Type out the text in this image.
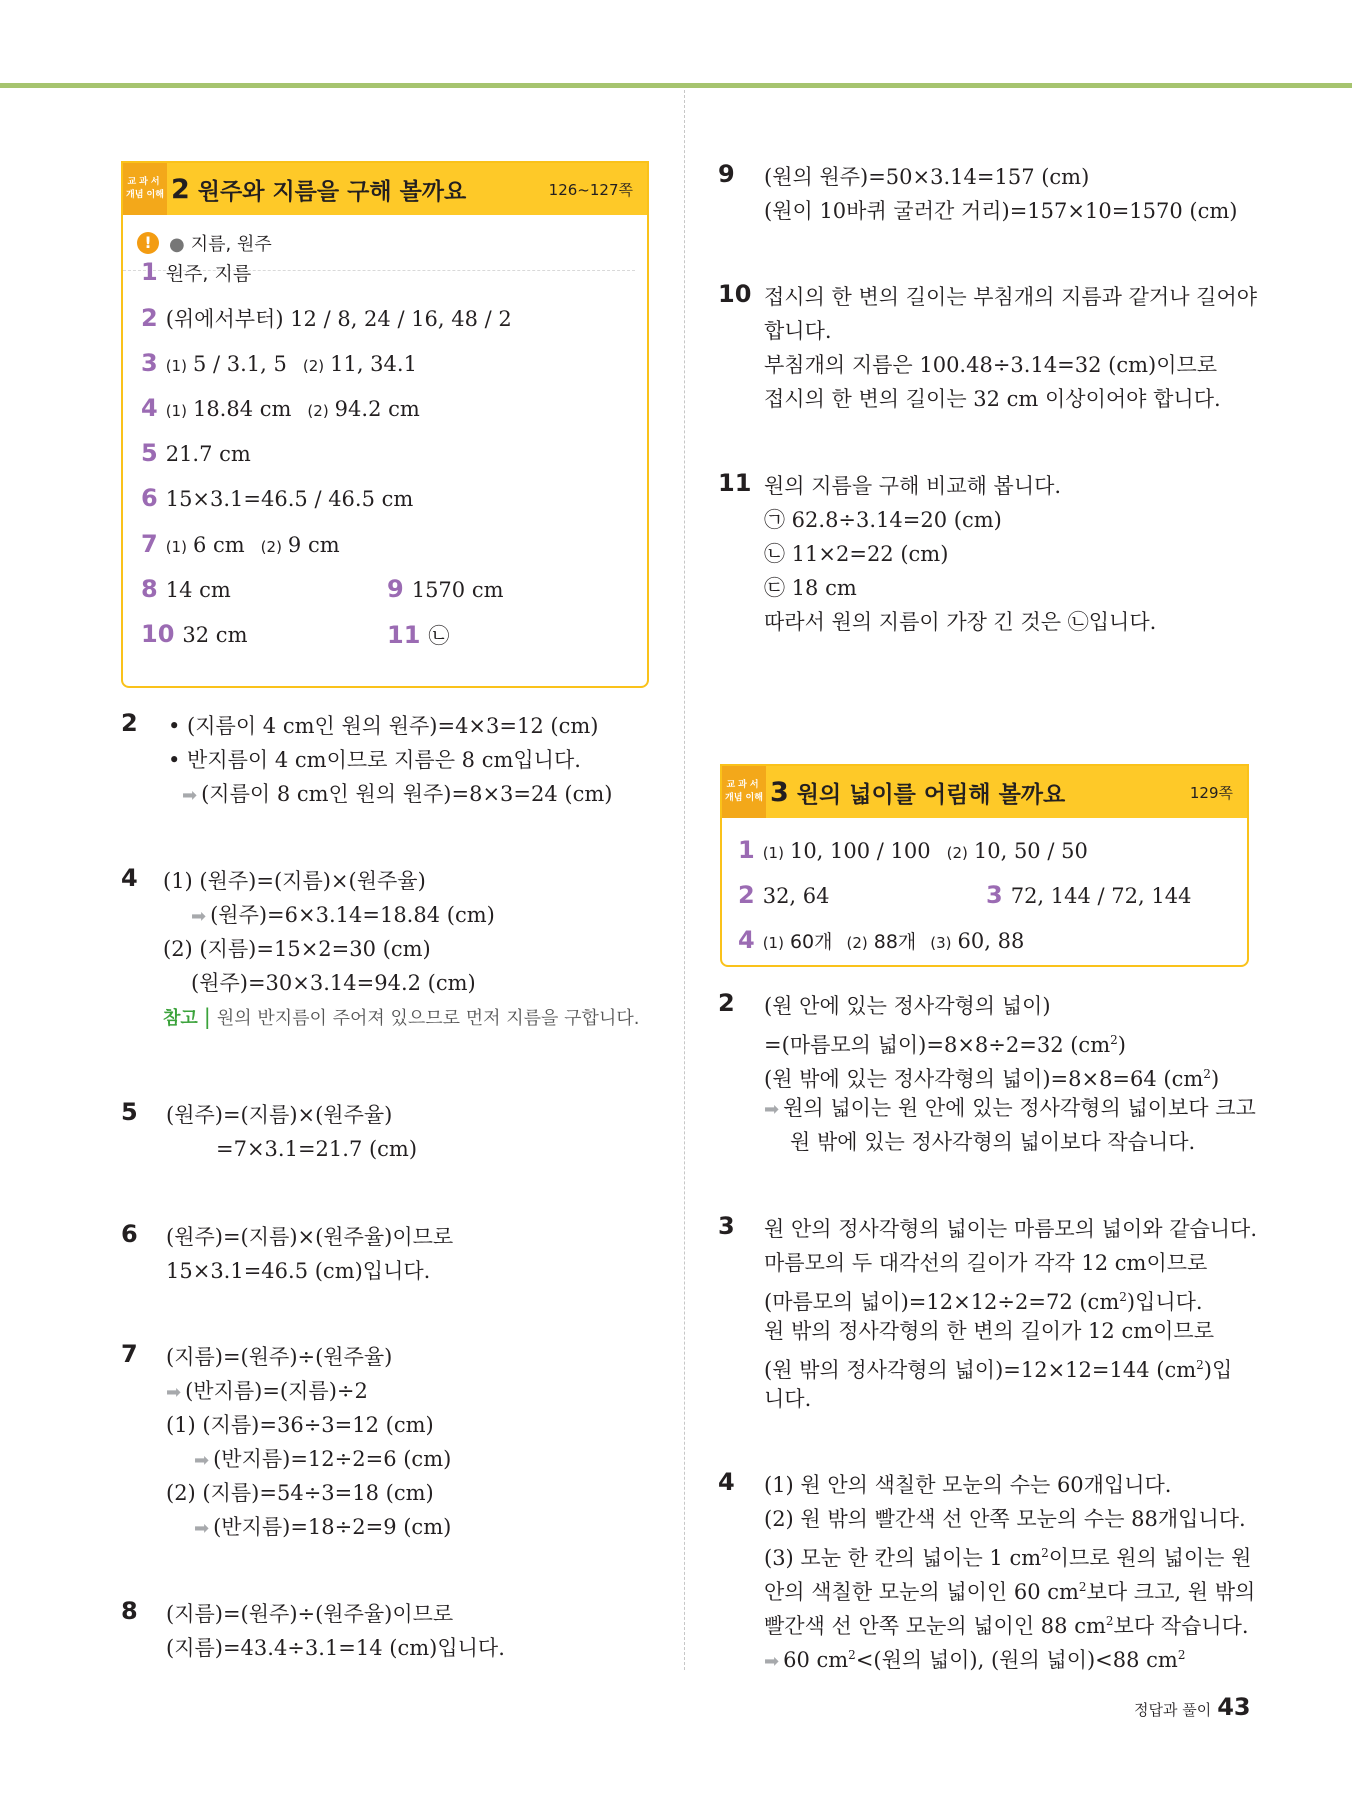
교과서
개념 이해 2 원주와 지름을 구해 볼까요	126~127쪽
! ● 지름, 원주
1 원주, 지름
2 (위에서부터) 12 / 8, 24 / 16, 48 / 2
3 (1) 5 / 3.1, 5 (2) 11, 34.1
4 (1) 18.84 cm (2) 94.2 cm
5 21.7 cm
6 15×3.1=46.5 / 46.5 cm
7 (1) 6 cm (2) 9 cm
8 14 cm	9 1570 cm
10 32 cm	11 ㉡
2 • (지름이 4 cm인 원의 원주)=4×3=12 (cm)
• 반지름이 4 cm이므로 지름은 8 cm입니다.
➡ (지름이 8 cm인 원의 원주)=8×3=24 (cm)
4 (1) (원주)=(지름)×(원주율)
➡ (원주)=6×3.14=18.84 (cm)
(2) (지름)=15×2=30 (cm)
(원주)=30×3.14=94.2 (cm)
참고 | 원의 반지름이 주어져 있으므로 먼저 지름을 구합니다.
5 (원주)=(지름)×(원주율)
=7×3.1=21.7 (cm)
6 (원주)=(지름)×(원주율)이므로
15×3.1=46.5 (cm)입니다.
7 (지름)=(원주)÷(원주율)
➡ (반지름)=(지름)÷2
(1) (지름)=36÷3=12 (cm)
➡ (반지름)=12÷2=6 (cm)
(2) (지름)=54÷3=18 (cm)
➡ (반지름)=18÷2=9 (cm)
8 (지름)=(원주)÷(원주율)이므로
(지름)=43.4÷3.1=14 (cm)입니다.
9 (원의 원주)=50×3.14=157 (cm)
(원이 10바퀴 굴러간 거리)=157×10=1570 (cm)
10 접시의 한 변의 길이는 부침개의 지름과 같거나 길어야
합니다.
부침개의 지름은 100.48÷3.14=32 (cm)이므로
접시의 한 변의 길이는 32 cm 이상이어야 합니다.
11 원의 지름을 구해 비교해 봅니다.
㉠ 62.8÷3.14=20 (cm)
㉡ 11×2=22 (cm)
㉢ 18 cm
따라서 원의 지름이 가장 긴 것은 ㉡입니다.
교과서
개념 이해 3 원의 넓이를 어림해 볼까요	129쪽
1 (1) 10, 100 / 100 (2) 10, 50 / 50
2 32, 64	3 72, 144 / 72, 144
4 (1) 60개 (2) 88개 (3) 60, 88
2 (원 안에 있는 정사각형의 넓이)
=(마름모의 넓이)=8×8÷2=32 $(cm^2)$
(원 밖에 있는 정사각형의 넓이)=8×8=64 $(cm^2)$
➡ 원의 넓이는 원 안에 있는 정사각형의 넓이보다 크고
원 밖에 있는 정사각형의 넓이보다 작습니다.
3 원 안의 정사각형의 넓이는 마름모의 넓이와 같습니다.
마름모의 두 대각선의 길이가 각각 12 cm이므로
(마름모의 넓이)=12×12÷2=72 $(cm^2)$입니다.
원 밖의 정사각형의 한 변의 길이가 12 cm이므로
(원 밖의 정사각형의 넓이)=12×12=144 $(cm^2)$입
니다.
4 (1) 원 안의 색칠한 모눈의 수는 60개입니다.
(2) 원 밖의 빨간색 선 안쪽 모눈의 수는 88개입니다.
(3) 모눈 한 칸의 넓이는 1 $cm^2$이므로 원의 넓이는 원
안의 색칠한 모눈의 넓이인 60 $cm^2$보다 크고, 원 밖의
빨간색 선 안쪽 모눈의 넓이인 88 $cm^2$보다 작습니다.
➡ 60 $cm^2<$(원의 넓이), (원의 넓이)<88 $cm^2$
정답과 풀이 43
